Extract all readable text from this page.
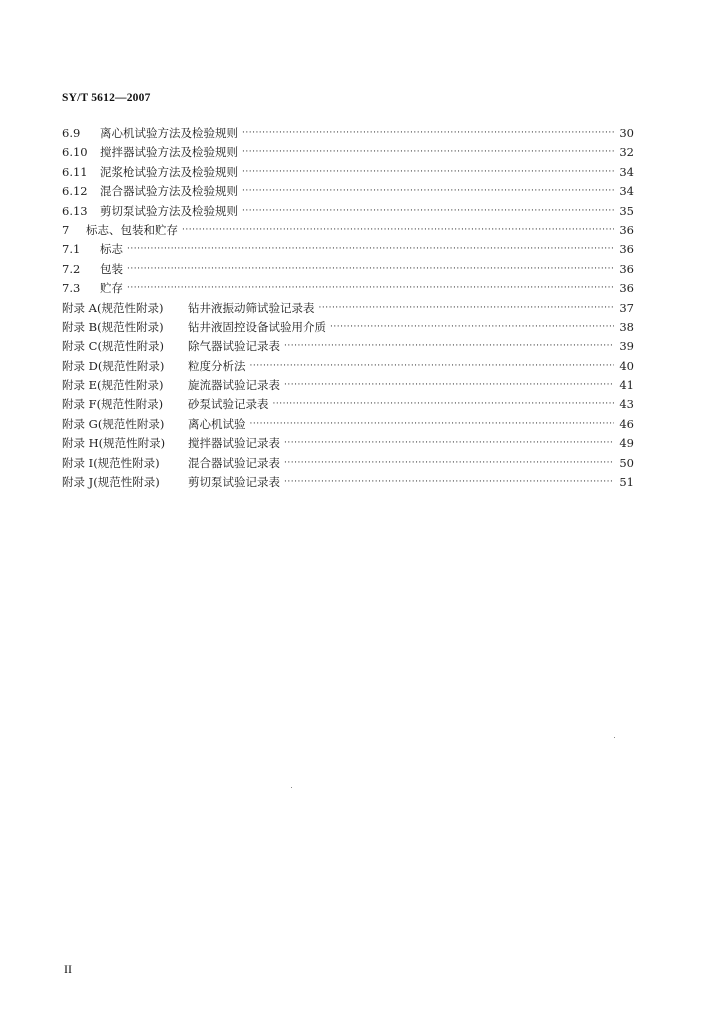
SY/T 5612—2007
6.9	离心机试验方法及检验规则 ·····	30
6.10	搅拌器试验方法及检验规则 ·····	32
6.11	泥浆枪试验方法及检验规则 ·····	34
6.12	混合器试验方法及检验规则 ·····	34
6.13	剪切泵试验方法及检验规则 ·····	35
7	标志、包装和贮存 ·····	36
7.1	标志 ·····	36
7.2	包装 ·····	36
7.3	贮存 ·····	36
附录 A(规范性附录)	钻井液振动筛试验记录表 ·····	37
附录 B(规范性附录)	钻井液固控设备试验用介质 ·····	38
附录 C(规范性附录)	除气器试验记录表 ·····	39
附录 D(规范性附录)	粒度分析法 ·····	40
附录 E(规范性附录)	旋流器试验记录表 ·····	41
附录 F(规范性附录)	砂泵试验记录表 ·····	43
附录 G(规范性附录)	离心机试验 ·····	46
附录 H(规范性附录)	搅拌器试验记录表 ·····	49
附录 I(规范性附录)	混合器试验记录表 ·····	50
附录 J(规范性附录)	剪切泵试验记录表 ·····	51
II
